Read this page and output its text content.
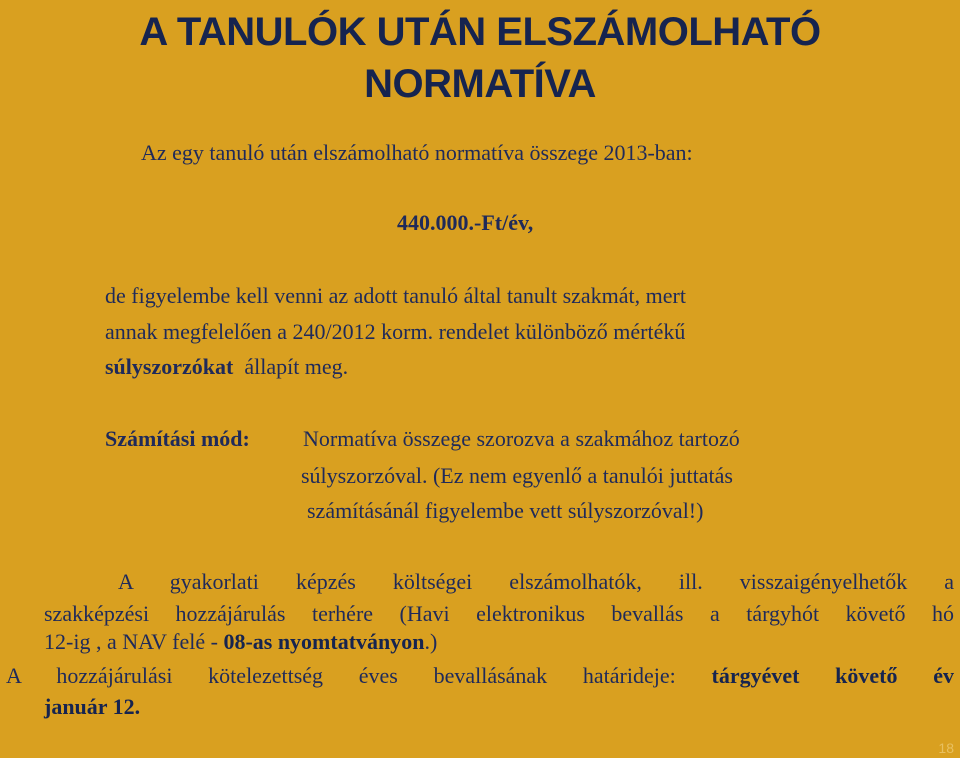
A TANULÓK UTÁN ELSZÁMOLHATÓ
NORMATÍVA
Az egy tanuló után elszámolható normatíva összege 2013-ban:
440.000.-Ft/év,
de figyelembe kell venni az adott tanuló által tanult szakmát, mert
annak megfelelően a 240/2012 korm. rendelet különböző mértékű
súlyszorzókat állapít meg.
Számítási mód: Normatíva összege szorozva a szakmához tartozó
súlyszorzóval. (Ez nem egyenlő a tanulói juttatás
számításánál figyelembe vett súlyszorzóval!)
A gyakorlati képzés költségei elszámolhatók, ill. visszaigényelhetők a
szakképzési hozzájárulás terhére (Havi elektronikus bevallás a tárgyhót követő hó
12-ig , a NAV felé - 08-as nyomtatványon.)
A hozzájárulási kötelezettség éves bevallásának határideje: tárgyévet követő év
január 12.
18
